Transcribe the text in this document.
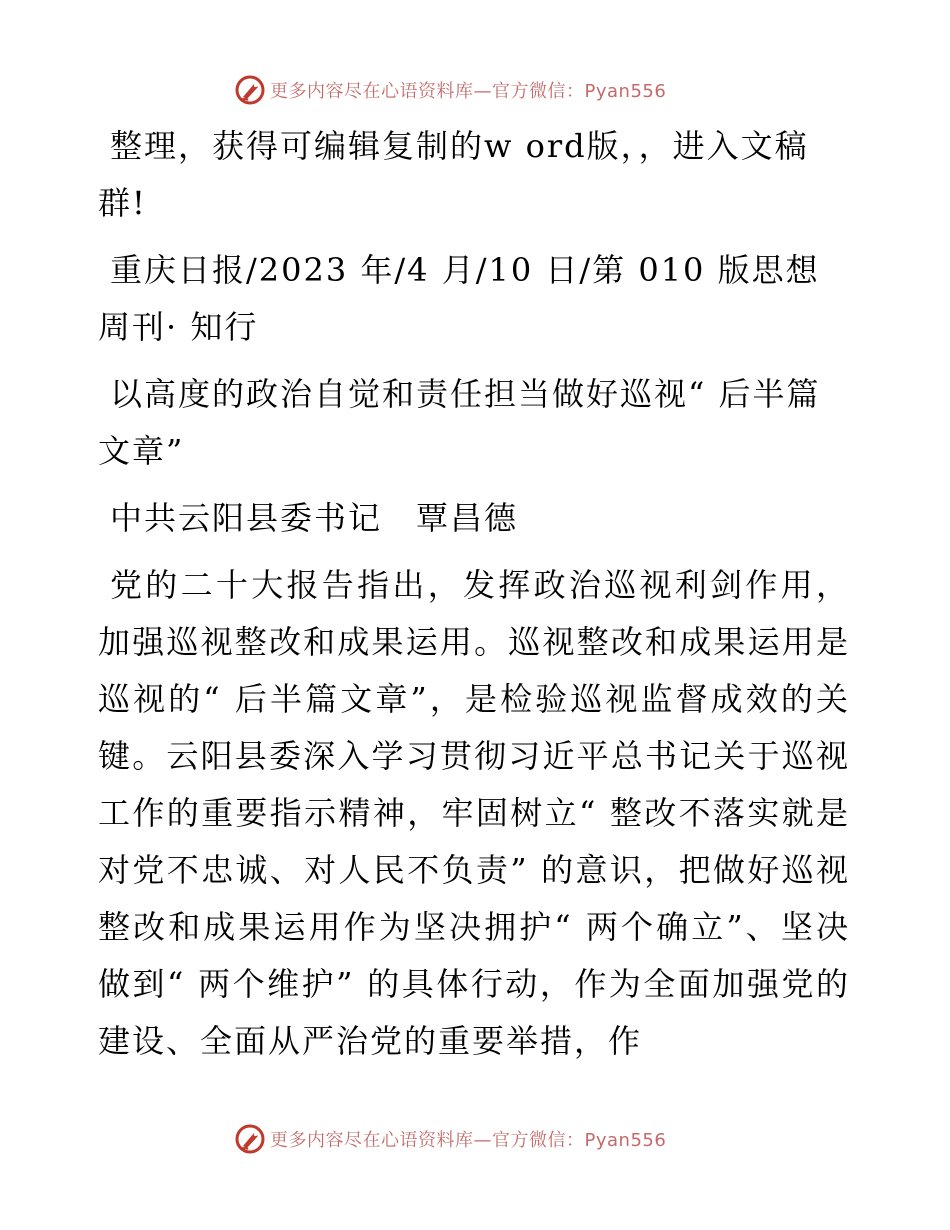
更多内容尽在心语资料库—官方微信：Pyan556

整理，获得可编辑复制的w ord版，，进入文稿群!

重庆日报/2023 年/4 月/10 日/第 010 版思想周刊· 知行

以高度的政治自觉和责任担当做好巡视“ 后半篇文章”

中共云阳县委书记　覃昌德

党的二十大报告指出，发挥政治巡视利剑作用，加强巡视整改和成果运用。巡视整改和成果运用是巡视的“ 后半篇文章”，是检验巡视监督成效的关键。云阳县委深入学习贯彻习近平总书记关于巡视工作的重要指示精神，牢固树立“ 整改不落实就是对党不忠诚、对人民不负责” 的意识，把做好巡视整改和成果运用作为坚决拥护“ 两个确立”、坚决做到“ 两个维护” 的具体行动，作为全面加强党的建设、全面从严治党的重要举措，作

更多内容尽在心语资料库—官方微信：Pyan556
